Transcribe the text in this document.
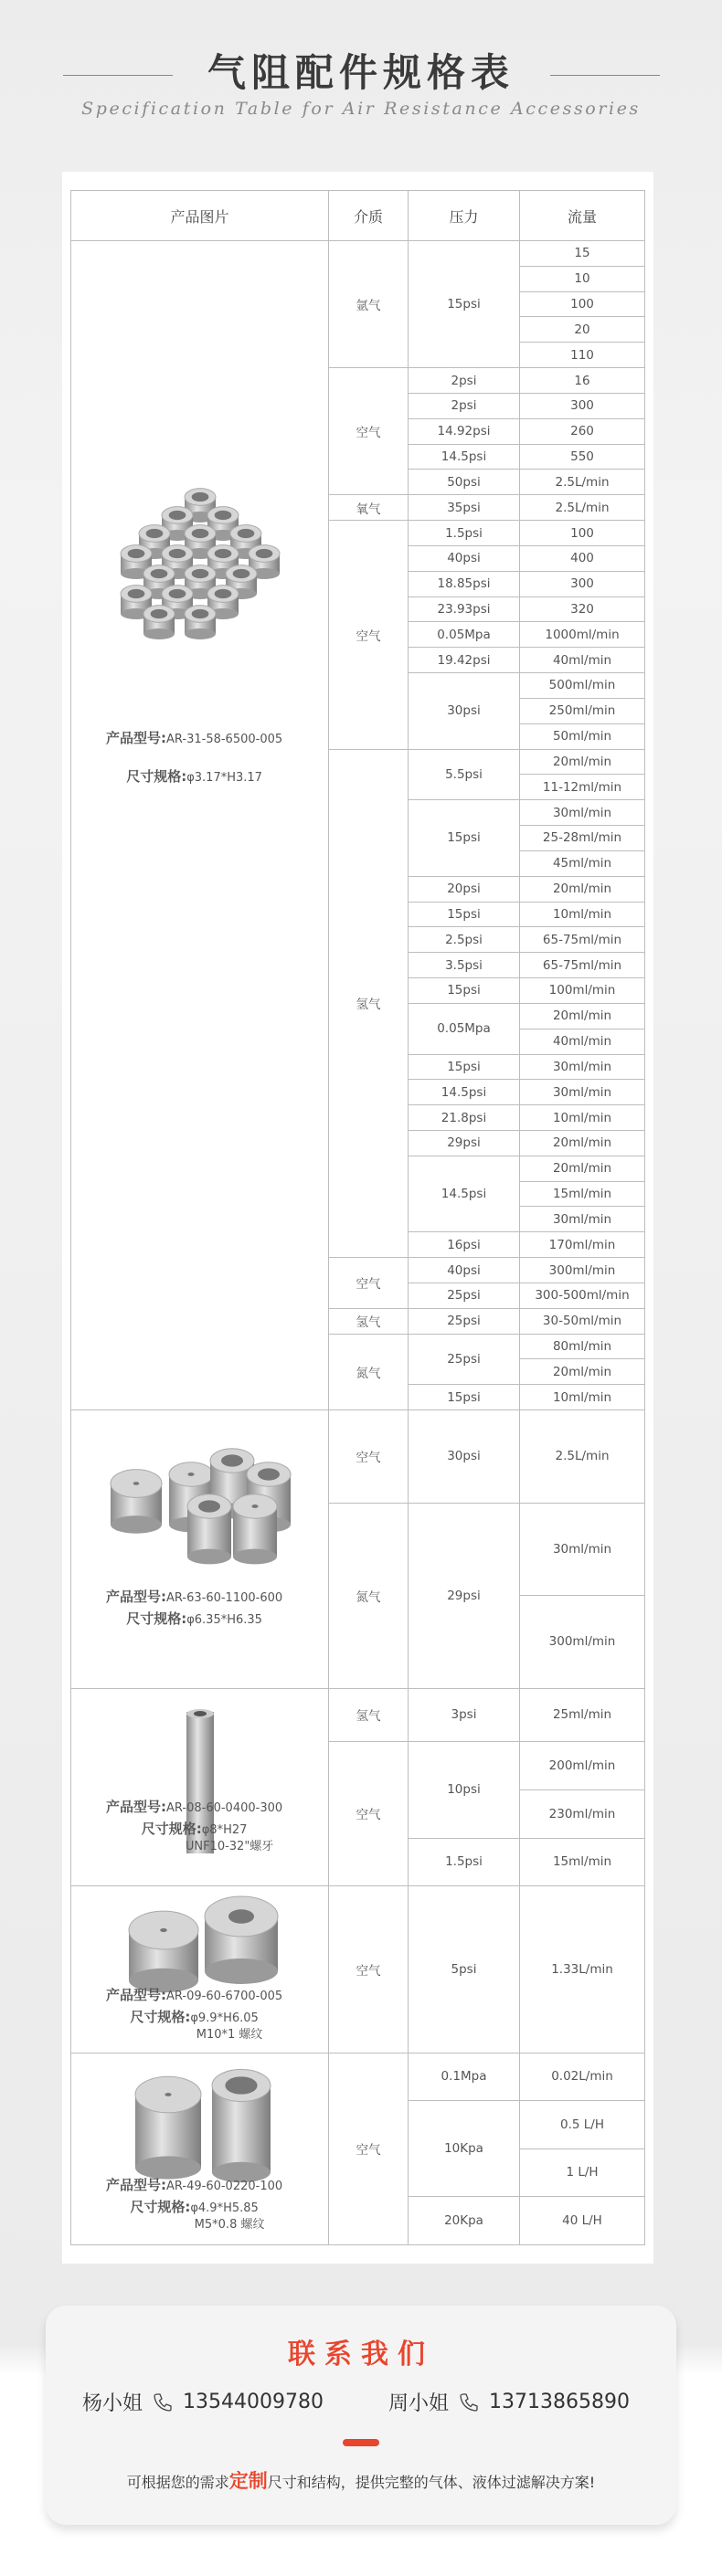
气阻配件规格表
Specification Table for Air Resistance Accessories
产品图片	介质	压力	流量

产品型号:AR-31-58-6500-005
尺寸规格:φ3.17*H3.17	氩气	15psi	15
			10
			100
			20
			110
	空气	2psi	16
		2psi	300
		14.92psi	260
		14.5psi	550
		50psi	2.5L/min
	氧气	35psi	2.5L/min
	空气	1.5psi	100
		40psi	400
		18.85psi	300
		23.93psi	320
		0.05Mpa	1000ml/min
		19.42psi	40ml/min
		30psi	500ml/min
			250ml/min
			50ml/min
	氢气	5.5psi	20ml/min
			11-12ml/min
		15psi	30ml/min
			25-28ml/min
			45ml/min
		20psi	20ml/min
		15psi	10ml/min
		2.5psi	65-75ml/min
		3.5psi	65-75ml/min
		15psi	100ml/min
		0.05Mpa	20ml/min
			40ml/min
		15psi	30ml/min
		14.5psi	30ml/min
		21.8psi	10ml/min
		29psi	20ml/min
		14.5psi	20ml/min
			15ml/min
			30ml/min
		16psi	170ml/min
	空气	40psi	300ml/min
		25psi	300-500ml/min
	氢气	25psi	30-50ml/min
	氮气	25psi	80ml/min
			20ml/min
		15psi	10ml/min

产品型号:AR-63-60-1100-600
尺寸规格:φ6.35*H6.35	空气	30psi	2.5L/min
	氮气	29psi	30ml/min
			300ml/min

产品型号:AR-08-60-0400-300
尺寸规格:φ8*H27
UNF10-32"螺牙	氢气	3psi	25ml/min
	空气	10psi	200ml/min
			230ml/min
		1.5psi	15ml/min

产品型号:AR-09-60-6700-005
尺寸规格:φ9.9*H6.05
M10*1 螺纹	空气	5psi	1.33L/min

产品型号:AR-49-60-0220-100
尺寸规格:φ4.9*H5.85
M5*0.8 螺纹	空气	0.1Mpa	0.02L/min
		10Kpa	0.5 L/H
			1 L/H
		20Kpa	40 L/H
联系我们
杨小姐 13544009780	周小姐 13713865890
可根据您的需求定制尺寸和结构，提供完整的气体、液体过滤解决方案!
